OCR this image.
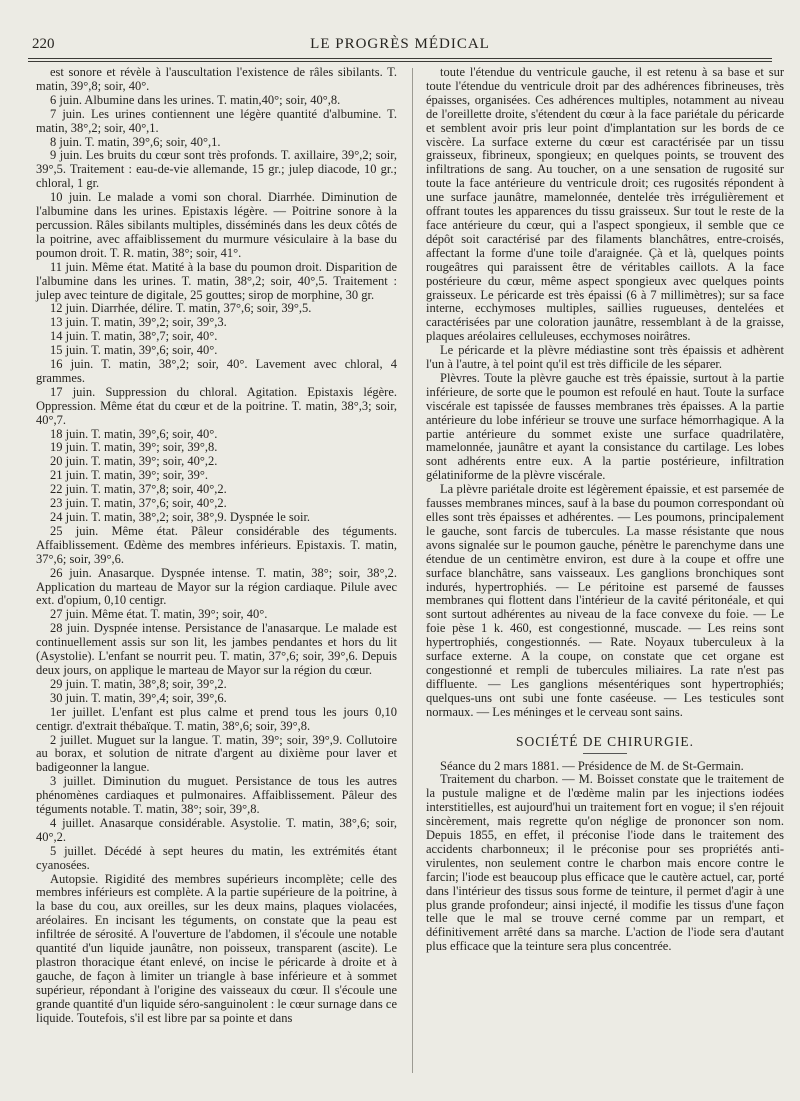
220	LE PROGRÈS MÉDICAL

est sonore et révèle à l'auscultation l'existence de râles sibilants. T. matin, 39°,8; soir, 40°.

6 juin. Albumine dans les urines. T. matin,40°; soir, 40°,8.

7 juin. Les urines contiennent une légère quantité d'albumine. T. matin, 38°,2; soir, 40°,1.

8 juin. T. matin, 39°,6; soir, 40°,1.

9 juin. Les bruits du cœur sont très profonds. T. axillaire, 39°,2; soir, 39°,5. Traitement : eau-de-vie allemande, 15 gr.; julep diacode, 10 gr.; chloral, 1 gr.

10 juin. Le malade a vomi son choral. Diarrhée. Diminution de l'albumine dans les urines. Epistaxis légère. — Poitrine sonore à la percussion. Râles sibilants multiples, disséminés dans les deux côtés de la poitrine, avec affaiblissement du murmure vésiculaire à la base du poumon droit. T. R. matin, 38°; soir, 41°.

11 juin. Même état. Matité à la base du poumon droit. Disparition de l'albumine dans les urines. T. matin, 38°,2; soir, 40°,5. Traitement : julep avec teinture de digitale, 25 gouttes; sirop de morphine, 30 gr.

12 juin. Diarrhée, délire. T. matin, 37°,6; soir, 39°,5.

13 juin. T. matin, 39°,2; soir, 39°,3.

14 juin. T. matin, 38°,7; soir, 40°.

15 juin. T. matin, 39°,6; soir, 40°.

16 juin. T. matin, 38°,2; soir, 40°. Lavement avec chloral, 4 grammes.

17 juin. Suppression du chloral. Agitation. Epistaxis légère. Oppression. Même état du cœur et de la poitrine. T. matin, 38°,3; soir, 40°,7.

18 juin. T. matin, 39°,6; soir, 40°.

19 juin. T. matin, 39°; soir, 39°,8.

20 juin. T. matin, 39°; soir, 40°,2.

21 juin. T. matin, 39°; soir, 39°.

22 juin. T. matin, 37°,8; soir, 40°,2.

23 juin. T. matin, 37°,6; soir, 40°,2.

24 juin. T. matin, 38°,2; soir, 38°,9. Dyspnée le soir.

25 juin. Même état. Pâleur considérable des téguments. Affaiblissement. Œdème des membres inférieurs. Epistaxis. T. matin, 37°,6; soir, 39°,6.

26 juin. Anasarque. Dyspnée intense. T. matin, 38°; soir, 38°,2. Application du marteau de Mayor sur la région cardiaque. Pilule avec ext. d'opium, 0,10 centigr.

27 juin. Même état. T. matin, 39°; soir, 40°.

28 juin. Dyspnée intense. Persistance de l'anasarque. Le malade est continuellement assis sur son lit, les jambes pendantes et hors du lit (Asystolie). L'enfant se nourrit peu. T. matin, 37°,6; soir, 39°,6. Depuis deux jours, on applique le marteau de Mayor sur la région du cœur.

29 juin. T. matin, 38°,8; soir, 39°,2.

30 juin. T. matin, 39°,4; soir, 39°,6.

1er juillet. L'enfant est plus calme et prend tous les jours 0,10 centigr. d'extrait thébaïque. T. matin, 38°,6; soir, 39°,8.

2 juillet. Muguet sur la langue. T. matin, 39°; soir, 39°,9. Collutoire au borax, et solution de nitrate d'argent au dixième pour laver et badigeonner la langue.

3 juillet. Diminution du muguet. Persistance de tous les autres phénomènes cardiaques et pulmonaires. Affaiblissement. Pâleur des téguments notable. T. matin, 38°; soir, 39°,8.

4 juillet. Anasarque considérable. Asystolie. T. matin, 38°,6; soir, 40°,2.

5 juillet. Décédé à sept heures du matin, les extrémités étant cyanosées.

Autopsie. Rigidité des membres supérieurs incomplète; celle des membres inférieurs est complète. A la partie supérieure de la poitrine, à la base du cou, aux oreilles, sur les deux mains, plaques violacées, aréolaires. En incisant les téguments, on constate que la peau est infiltrée de sérosité. A l'ouverture de l'abdomen, il s'écoule une notable quantité d'un liquide jaunâtre, non poisseux, transparent (ascite). Le plastron thoracique étant enlevé, on incise le péricarde à droite et à gauche, de façon à limiter un triangle à base inférieure et à sommet supérieur, répondant à l'origine des vaisseaux du cœur. Il s'écoule une grande quantité d'un liquide séro-sanguinolent : le cœur surnage dans ce liquide. Toutefois, s'il est libre par sa pointe et dans

toute l'étendue du ventricule gauche, il est retenu à sa base et sur toute l'étendue du ventricule droit par des adhérences fibrineuses, très épaisses, organisées. Ces adhérences multiples, notamment au niveau de l'oreillette droite, s'étendent du cœur à la face pariétale du péricarde et semblent avoir pris leur point d'implantation sur les bords de ce viscère. La surface externe du cœur est caractérisée par un tissu graisseux, fibrineux, spongieux; en quelques points, se trouvent des infiltrations de sang. Au toucher, on a une sensation de rugosité sur toute la face antérieure du ventricule droit; ces rugosités répondent à une surface jaunâtre, mamelonnée, dentelée très irrégulièrement et offrant toutes les apparences du tissu graisseux. Sur tout le reste de la face antérieure du cœur, qui a l'aspect spongieux, il semble que ce dépôt soit caractérisé par des filaments blanchâtres, entre-croisés, affectant la forme d'une toile d'araignée. Çà et là, quelques points rougeâtres qui paraissent être de véritables caillots. A la face postérieure du cœur, même aspect spongieux avec quelques points graisseux. Le péricarde est très épaissi (6 à 7 millimètres); sur sa face interne, ecchymoses multiples, saillies rugueuses, dentelées et caractérisées par une coloration jaunâtre, ressemblant à de la graisse, plaques aréolaires celluleuses, ecchymoses noirâtres.

Le péricarde et la plèvre médiastine sont très épaissis et adhèrent l'un à l'autre, à tel point qu'il est très difficile de les séparer.

Plèvres. Toute la plèvre gauche est très épaissie, surtout à la partie inférieure, de sorte que le poumon est refoulé en haut. Toute la surface viscérale est tapissée de fausses membranes très épaisses. A la partie antérieure du lobe inférieur se trouve une surface hémorrhagique. A la partie antérieure du sommet existe une surface quadrilatère, mamelonnée, jaunâtre et ayant la consistance du cartilage. Les lobes sont adhérents entre eux. A la partie postérieure, infiltration gélatiniforme de la plèvre viscérale.

La plèvre pariétale droite est légèrement épaissie, et est parsemée de fausses membranes minces, sauf à la base du poumon correspondant où elles sont très épaisses et adhérentes. — Les poumons, principalement le gauche, sont farcis de tubercules. La masse résistante que nous avons signalée sur le poumon gauche, pénètre le parenchyme dans une étendue de un centimètre environ, est dure à la coupe et offre une surface blanchâtre, sans vaisseaux. Les ganglions bronchiques sont indurés, hypertrophiés. — Le péritoine est parsemé de fausses membranes qui flottent dans l'intérieur de la cavité péritonéale, et qui sont surtout adhérentes au niveau de la face convexe du foie. — Le foie pèse 1 k. 460, est congestionné, muscade. — Les reins sont hypertrophiés, congestionnés. — Rate. Noyaux tuberculeux à la surface externe. A la coupe, on constate que cet organe est congestionné et rempli de tubercules miliaires. La rate n'est pas diffluente. — Les ganglions mésentériques sont hypertrophiés; quelques-uns ont subi une fonte caséeuse. — Les testicules sont normaux. — Les méninges et le cerveau sont sains.

SOCIÉTÉ DE CHIRURGIE.

Séance du 2 mars 1881. — Présidence de M. de St-Germain.

Traitement du charbon. — M. Boisset constate que le traitement de la pustule maligne et de l'œdème malin par les injections iodées interstitielles, est aujourd'hui un traitement fort en vogue; il s'en réjouit sincèrement, mais regrette qu'on néglige de prononcer son nom. Depuis 1855, en effet, il préconise l'iode dans le traitement des accidents charbonneux; il le préconise pour ses propriétés anti-virulentes, non seulement contre le charbon mais encore contre le farcin; l'iode est beaucoup plus efficace que le cautère actuel, car, porté dans l'intérieur des tissus sous forme de teinture, il permet d'agir à une plus grande profondeur; ainsi injecté, il modifie les tissus d'une façon telle que le mal se trouve cerné comme par un rempart, et définitivement arrêté dans sa marche. L'action de l'iode sera d'autant plus efficace que la teinture sera plus concentrée.
